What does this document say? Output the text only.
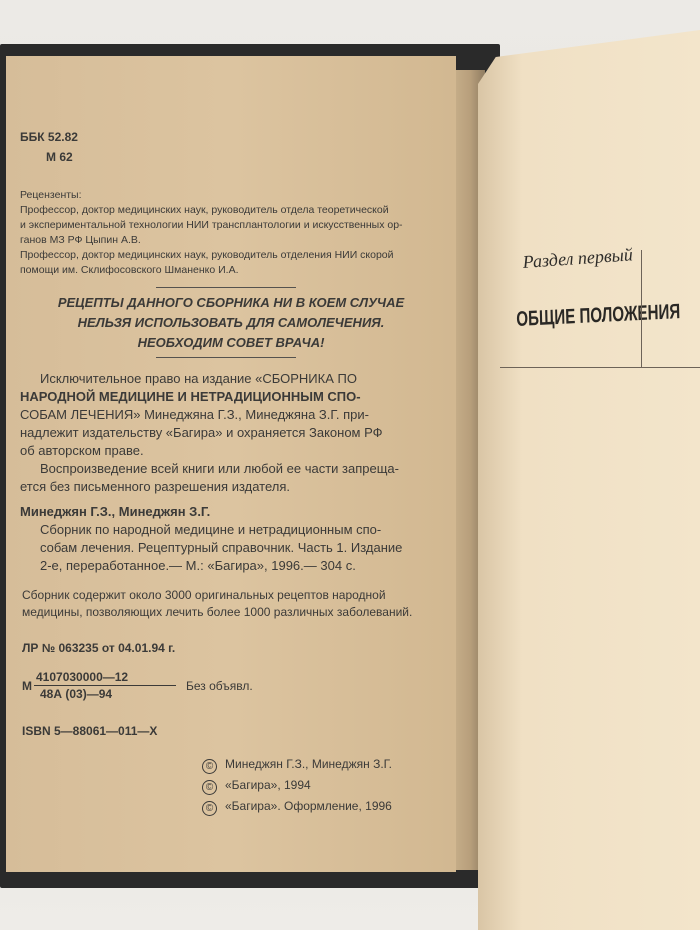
ББК 52.82
М 62
Рецензенты:
Профессор, доктор медицинских наук, руководитель отдела теоретической
и экспериментальной технологии НИИ трансплантологии и искусственных ор-
ганов МЗ РФ Цыпин А.В.
Профессор, доктор медицинских наук, руководитель отделения НИИ скорой
помощи им. Склифосовского Шманенко И.А.
РЕЦЕПТЫ ДАННОГО СБОРНИКА НИ В КОЕМ СЛУЧАЕ
НЕЛЬЗЯ ИСПОЛЬЗОВАТЬ ДЛЯ САМОЛЕЧЕНИЯ.
НЕОБХОДИМ СОВЕТ ВРАЧА!
Исключительное право на издание «СБОРНИКА ПО
НАРОДНОЙ МЕДИЦИНЕ И НЕТРАДИЦИОННЫМ СПО-
СОБАМ ЛЕЧЕНИЯ» Минеджяна Г.З., Минеджяна З.Г. при-
надлежит издательству «Багира» и охраняется Законом РФ
об авторском праве.
Воспроизведение всей книги или любой ее части запреща-
ется без письменного разрешения издателя.
Минеджян Г.З., Минеджян З.Г.
Сборник по народной медицине и нетрадиционным спо-
собам лечения. Рецептурный справочник. Часть 1. Издание
2-е, переработанное.— М.: «Багира», 1996.— 304 с.
Сборник содержит около 3000 оригинальных рецептов народной
медицины, позволяющих лечить более 1000 различных заболеваний.
ЛР № 063235 от 04.01.94 г.
М
4107030000—12
48А (03)—94
Без объявл.
ISBN 5—88061—011—X
© Минеджян Г.З., Минеджян З.Г.
© «Багира», 1994
© «Багира». Оформление, 1996
Раздел первый
ОБЩИЕ ПОЛОЖЕНИЯ
